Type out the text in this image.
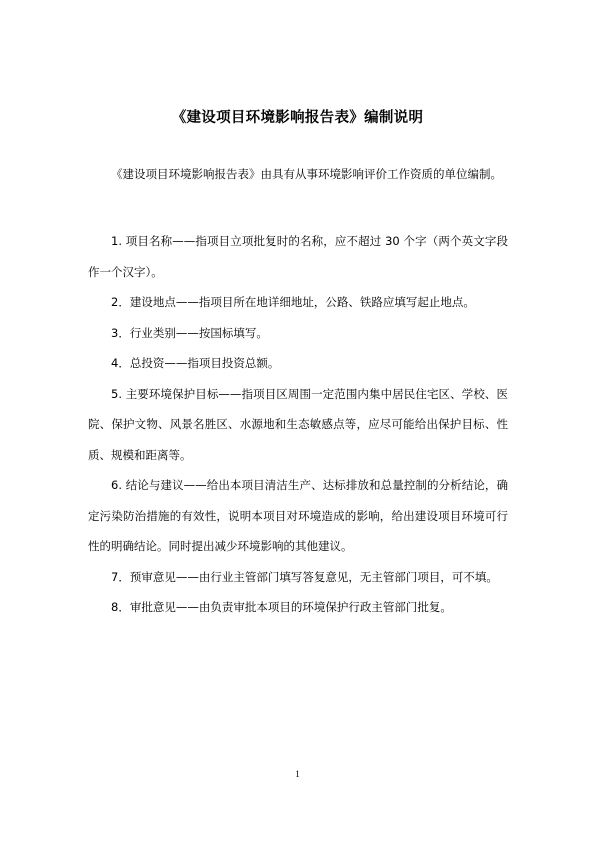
《建设项目环境影响报告表》编制说明

《建设项目环境影响报告表》由具有从事环境影响评价工作资质的单位编制。

1. 项目名称——指项目立项批复时的名称，应不超过 30 个字（两个英文字段作一个汉字）。

2．建设地点——指项目所在地详细地址，公路、铁路应填写起止地点。

3．行业类别——按国标填写。

4．总投资——指项目投资总额。

5. 主要环境保护目标——指项目区周围一定范围内集中居民住宅区、学校、医院、保护文物、风景名胜区、水源地和生态敏感点等，应尽可能给出保护目标、性质、规模和距离等。

6. 结论与建议——给出本项目清洁生产、达标排放和总量控制的分析结论，确定污染防治措施的有效性，说明本项目对环境造成的影响，给出建设项目环境可行性的明确结论。同时提出减少环境影响的其他建议。

7．预审意见——由行业主管部门填写答复意见，无主管部门项目，可不填。

8．审批意见——由负责审批本项目的环境保护行政主管部门批复。

1
